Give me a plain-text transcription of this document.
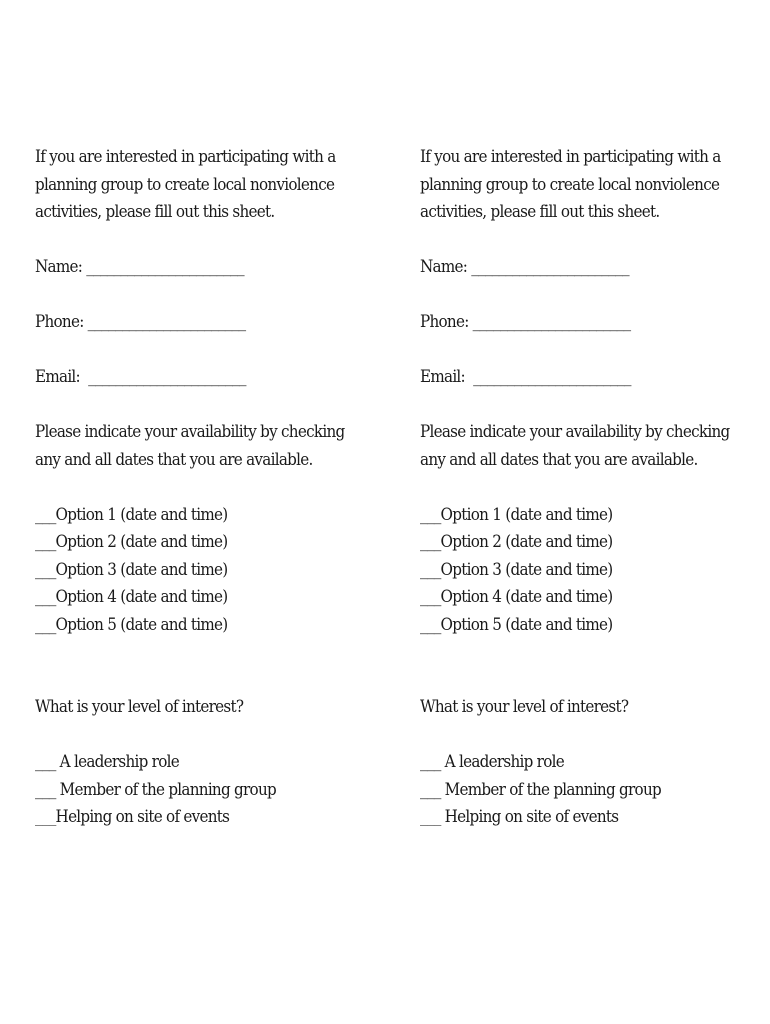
If you are interested in participating with a
planning group to create local nonviolence
activities, please fill out this sheet.
Name: _______________________
Phone: _______________________
Email:  _______________________
Please indicate your availability by checking
any and all dates that you are available.
___Option 1 (date and time)
___Option 2 (date and time)
___Option 3 (date and time)
___Option 4 (date and time)
___Option 5 (date and time)
What is your level of interest?
___ A leadership role
___ Member of the planning group
___Helping on site of events
If you are interested in participating with a
planning group to create local nonviolence
activities, please fill out this sheet.
Name: _______________________
Phone: _______________________
Email:  _______________________
Please indicate your availability by checking
any and all dates that you are available.
___Option 1 (date and time)
___Option 2 (date and time)
___Option 3 (date and time)
___Option 4 (date and time)
___Option 5 (date and time)
What is your level of interest?
___ A leadership role
___ Member of the planning group
___ Helping on site of events
